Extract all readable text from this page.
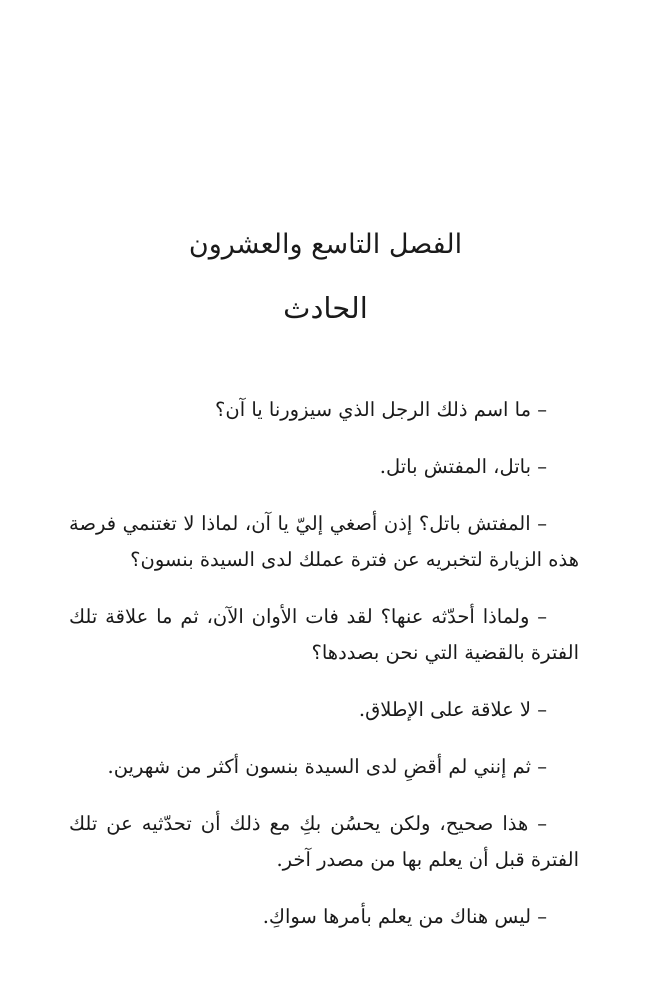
الفصل التاسع والعشرون
الحادث

– ما اسم ذلك الرجل الذي سيزورنا يا آن؟

– باتل، المفتش باتل.

– المفتش باتل؟ إذن أصغي إليّ يا آن، لماذا لا تغتنمي فرصة هذه الزيارة لتخبريه عن فترة عملك لدى السيدة بنسون؟

– ولماذا أحدّثه عنها؟ لقد فات الأوان الآن، ثم ما علاقة تلك الفترة بالقضية التي نحن بصددها؟

– لا علاقة على الإطلاق.

– ثم إنني لم أقضِ لدى السيدة بنسون أكثر من شهرين.

– هذا صحيح، ولكن يحسُن بكِ مع ذلك أن تحدّثيه عن تلك الفترة قبل أن يعلم بها من مصدر آخر.

– ليس هناك من يعلم بأمرها سواكِ.
